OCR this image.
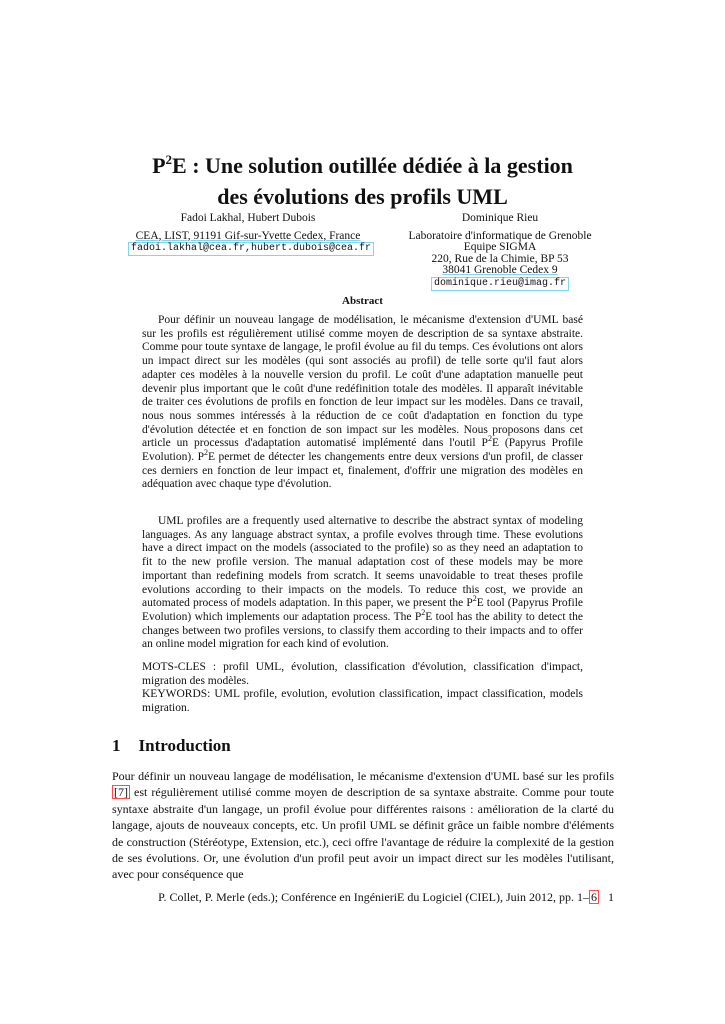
$P^2E$ : Une solution outillée dédiée à la gestion
des évolutions des profils UML
Fadoi Lakhal, Hubert Dubois
CEA, LIST, 91191 Gif-sur-Yvette Cedex, France
fadoi.lakhal@cea.fr,hubert.dubois@cea.fr
Dominique Rieu
Laboratoire d'informatique de Grenoble
Equipe SIGMA
220, Rue de la Chimie, BP 53
38041 Grenoble Cedex 9
dominique.rieu@imag.fr
Abstract

Pour définir un nouveau langage de modélisation, le mécanisme d'extension d'UML basé sur les profils est régulièrement utilisé comme moyen de description de sa syntaxe abstraite. Comme pour toute syntaxe de langage, le profil évolue au fil du temps. Ces évolutions ont alors un impact direct sur les modèles (qui sont associés au profil) de telle sorte qu'il faut alors adapter ces modèles à la nouvelle version du profil. Le coût d'une adaptation manuelle peut devenir plus important que le coût d'une redéfinition totale des modèles. Il apparaît inévitable de traiter ces évolutions de profils en fonction de leur impact sur les modèles. Dans ce travail, nous nous sommes intéressés à la réduction de ce coût d'adaptation en fonction du type d'évolution détectée et en fonction de son impact sur les modèles. Nous proposons dans cet article un processus d'adaptation automatisé implémenté dans l'outil $P^2E$ (Papyrus Profile Evolution). $P^2E$ permet de détecter les changements entre deux versions d'un profil, de classer ces derniers en fonction de leur impact et, finalement, d'offrir une migration des modèles en adéquation avec chaque type d'évolution.

UML profiles are a frequently used alternative to describe the abstract syntax of modeling languages. As any language abstract syntax, a profile evolves through time. These evolutions have a direct impact on the models (associated to the profile) so as they need an adaptation to fit to the new profile version. The manual adaptation cost of these models may be more important than redefining models from scratch. It seems unavoidable to treat theses profile evolutions according to their impacts on the models. To reduce this cost, we provide an automated process of models adaptation. In this paper, we present the $P^2E$ tool (Papyrus Profile Evolution) which implements our adaptation process. The $P^2E$ tool has the ability to detect the changes between two profiles versions, to classify them according to their impacts and to offer an online model migration for each kind of evolution.

MOTS-CLES : profil UML, évolution, classification d'évolution, classification d'impact, migration des modèles.

KEYWORDS: UML profile, evolution, evolution classification, impact classification, models migration.

1 Introduction

Pour définir un nouveau langage de modélisation, le mécanisme d'extension d'UML basé sur les profils [7] est régulièrement utilisé comme moyen de description de sa syntaxe abstraite. Comme pour toute syntaxe abstraite d'un langage, un profil évolue pour différentes raisons : amélioration de la clarté du langage, ajouts de nouveaux concepts, etc. Un profil UML se définit grâce un faible nombre d'éléments de construction (Stéréotype, Extension, etc.), ceci offre l'avantage de réduire la complexité de la gestion de ses évolutions. Or, une évolution d'un profil peut avoir un impact direct sur les modèles l'utilisant, avec pour conséquence que

P. Collet, P. Merle (eds.); Conférence en IngénieriE du Logiciel (CIEL), Juin 2012, pp. 1– 6 1
